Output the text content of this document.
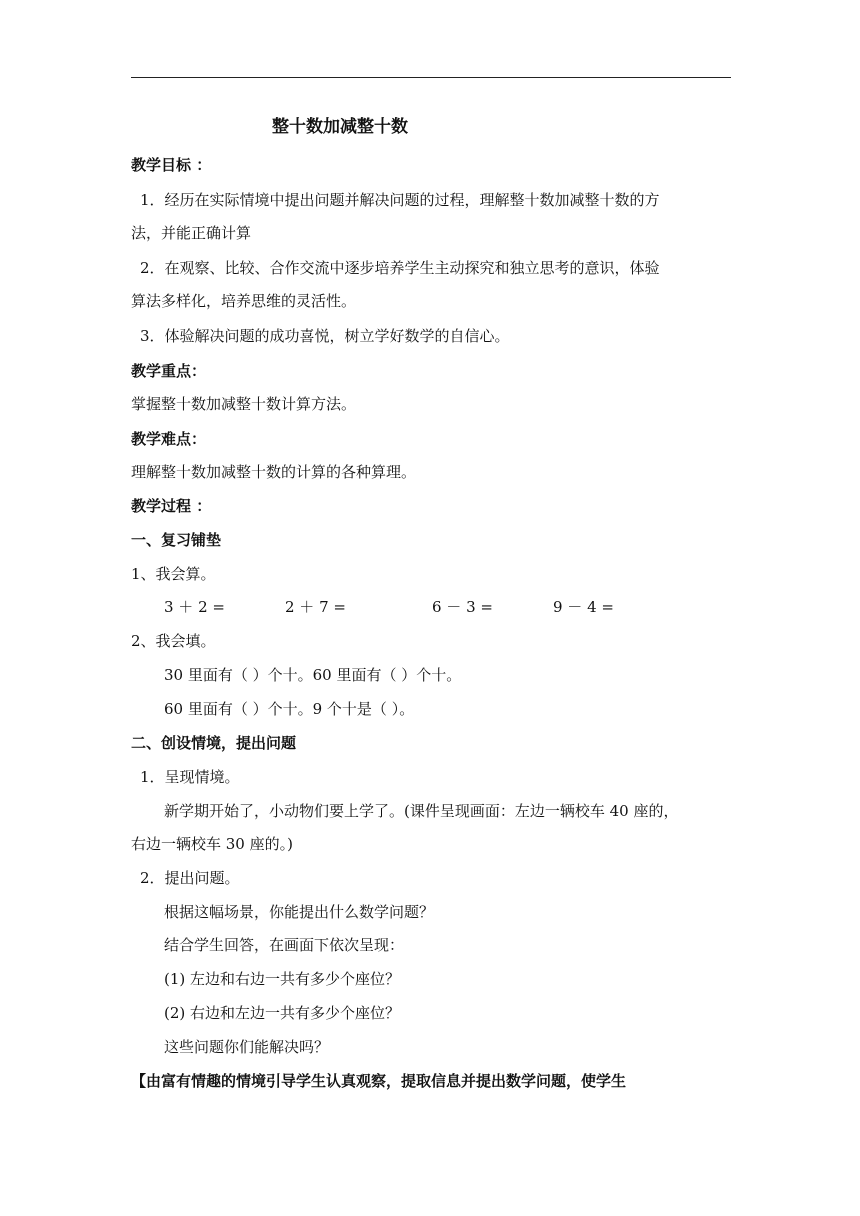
整十数加减整十数
教学目标 ：
1．经历在实际情境中提出问题并解决问题的过程，理解整十数加减整十数的方
法，并能正确计算
2．在观察、比较、合作交流中逐步培养学生主动探究和独立思考的意识，体验
算法多样化，培养思维的灵活性。
3．体验解决问题的成功喜悦，树立学好数学的自信心。
教学重点：
掌握整十数加减整十数计算方法。
教学难点：
理解整十数加减整十数的计算的各种算理。
教学过程 ：
一、复习铺垫
1、我会算。
3 ＋ 2 =	2 ＋ 7 =	6 － 3 =	9 － 4 =
2、我会填。
30 里面有（ ）个十。60 里面有（ ）个十。
60 里面有（ ）个十。9 个十是（ ）。
二、创设情境，提出问题
1．呈现情境。
新学期开始了，小动物们要上学了。(课件呈现画面：左边一辆校车 40 座的，
右边一辆校车 30 座的。)
2．提出问题。
根据这幅场景，你能提出什么数学问题？
结合学生回答，在画面下依次呈现：
(1) 左边和右边一共有多少个座位？
(2) 右边和左边一共有多少个座位？
这些问题你们能解决吗？
【由富有情趣的情境引导学生认真观察，提取信息并提出数学问题，使学生
